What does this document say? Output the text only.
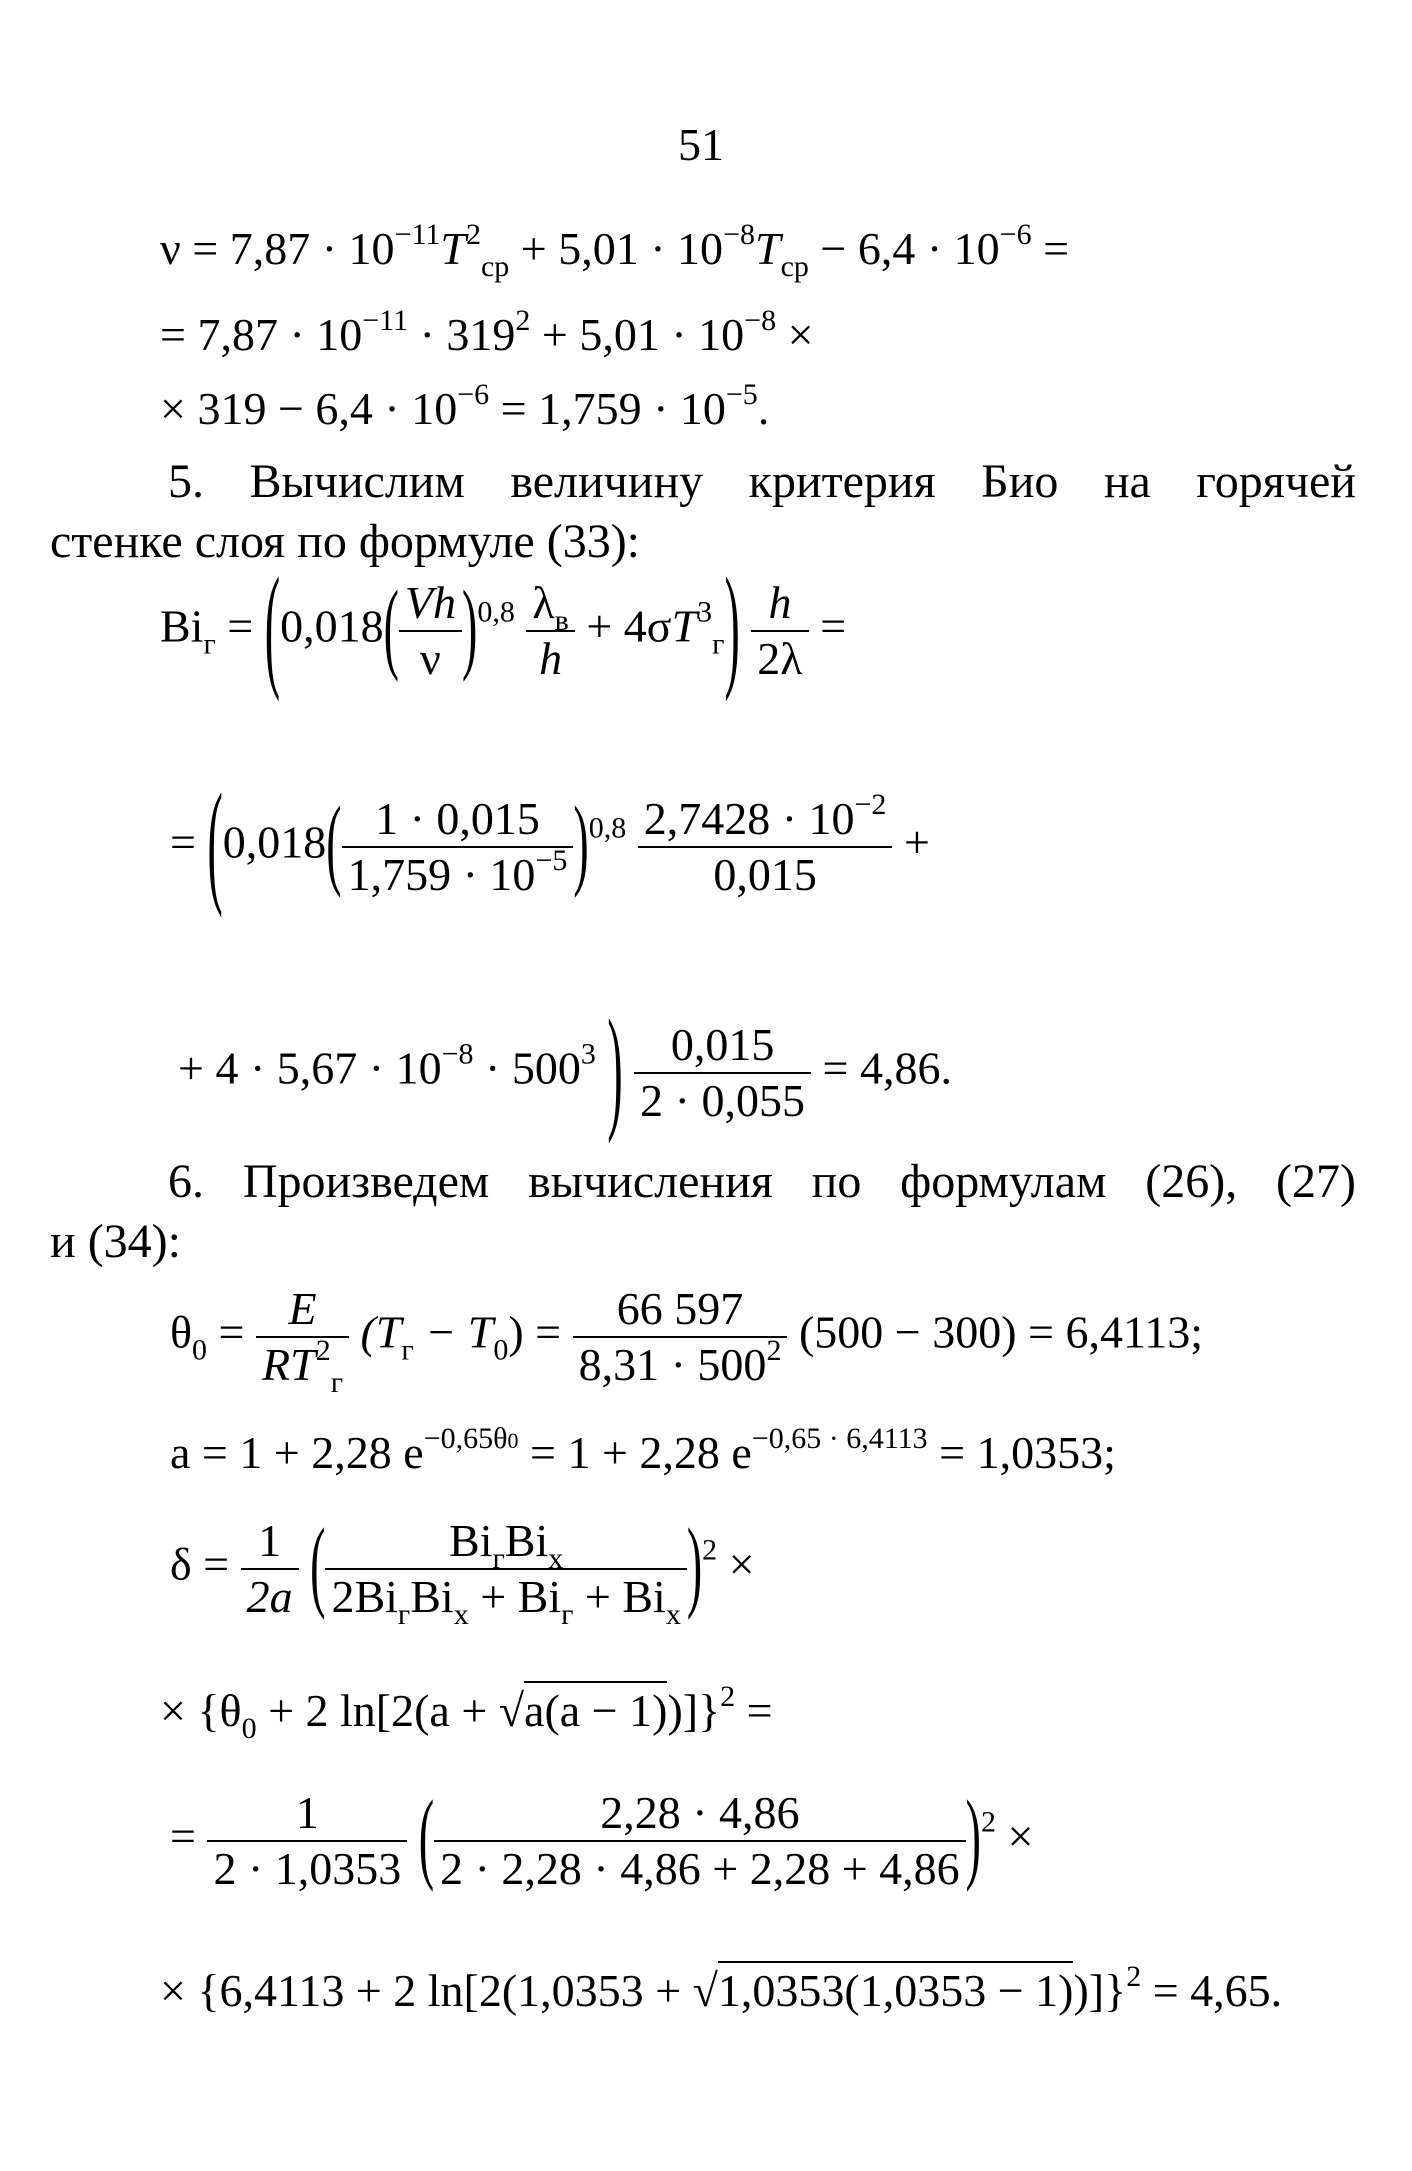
51
$\nu = 7,87 \cdot 10^{-11}T^2_{ср} + 5,01 \cdot 10^{-8}T_{ср} - 6,4 \cdot 10^{-6}$ =
= $7,87 \cdot 10^{-11} \cdot 319^2 + 5,01 \cdot 10^{-8}$ ×
× $319 - 6,4 \cdot 10^{-6} = 1,759 \cdot 10^{-5}$.
5. Вычислим величину критерия Био на горячей
стенке слоя по формуле (33):
$Bi_г = (0,018( \frac{Vh}{\nu} )^{0,8} \frac{\lambda_в}{h} + 4\sigma T^3_г) \frac{h}{2\lambda}$ =
= ($0,018( \frac{1 \cdot 0,015}{1,759 \cdot 10^{-5}} )^{0,8} \frac{2,7428 \cdot 10^{-2}}{0,015}$ +
+ $4 \cdot 5,67 \cdot 10^{-8} \cdot 500^3$ ) $\frac{0,015}{2 \cdot 0,055} = 4,86$.
6. Произведем вычисления по формулам (26), (27)
и (34):
$\theta_0 = \frac{E}{RT^2_г} (T_г - T_0) = \frac{66 597}{8,31 \cdot 500^2} (500 - 300) = 6,4113$;
a = 1 + 2,28 $e^{-0,65\theta 0} = 1 + 2,28$ $e^{-0,65 \cdot 6,4113} = 1,0353$;
$\delta = \frac{1}{2a}$ ( $\frac{Bi_гBi_x}{2Bi_гBi_x + Bi_г + Bi_x} )^2$ ×
× {$\theta_0 + 2$ ln[2(a + √a(a − 1))]}$^2$ =
= $\frac{1}{2 \cdot 1,0353}$ ( $\frac{2,28 \cdot 4,86}{2 \cdot 2,28 \cdot 4,86 + 2,28 + 4,86} )^2$ ×
× {6,4113 + 2 ln[2(1,0353 + √1,0353(1,0353 − 1))]}$^2$ = 4,65.
